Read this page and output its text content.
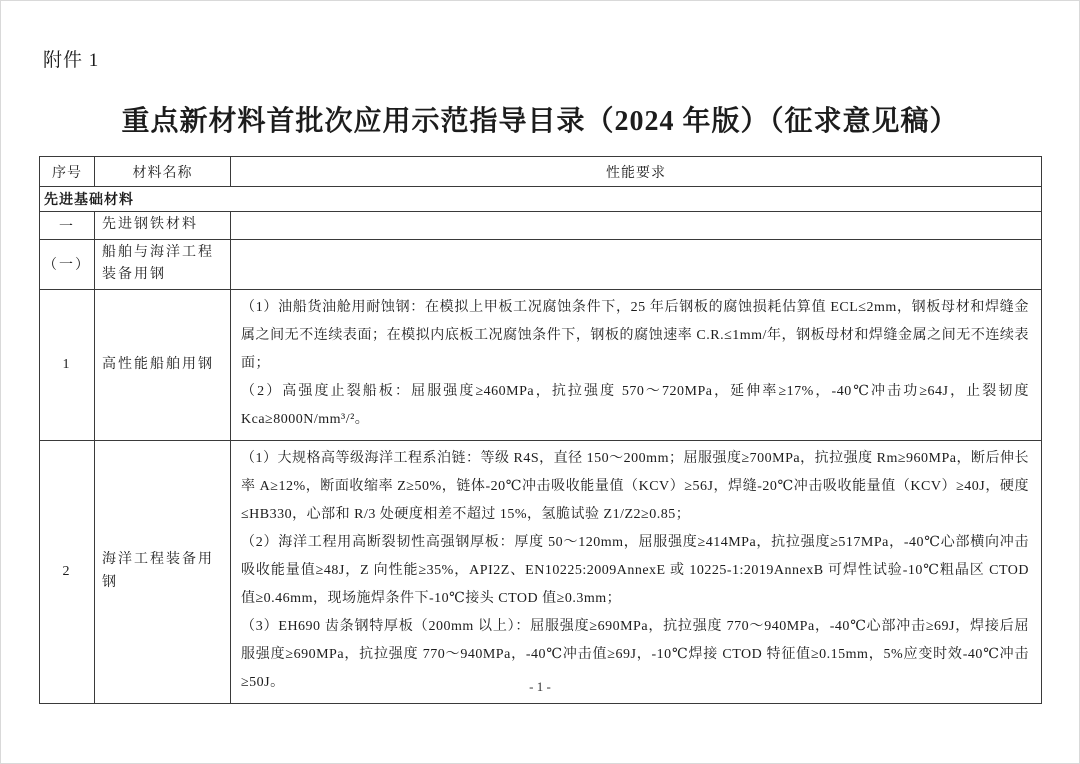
附件 1
重点新材料首批次应用示范指导目录（2024 年版）（征求意见稿）
序号	材料名称	性能要求
先进基础材料		
一	先进钢铁材料	
（一）	船舶与海洋工程装备用钢	
1	高性能船舶用钢	（1）油船货油舱用耐蚀钢：在模拟上甲板工况腐蚀条件下，25 年后钢板的腐蚀损耗估算值 ECL≤2mm，钢板母材和焊缝金属之间无不连续表面；在模拟内底板工况腐蚀条件下，钢板的腐蚀速率 C.R.≤1mm/年，钢板母材和焊缝金属之间无不连续表面；

（2）高强度止裂船板：屈服强度≥460MPa，抗拉强度 570～720MPa，延伸率≥17%，-40℃冲击功≥64J，止裂韧度 Kca≥8000N/mm³/²。

2	海洋工程装备用钢	（1）大规格高等级海洋工程系泊链：等级 R4S，直径 150～200mm；屈服强度≥700MPa，抗拉强度 Rm≥960MPa，断后伸长率 A≥12%，断面收缩率 Z≥50%，链体-20℃冲击吸收能量值（KCV）≥56J，焊缝-20℃冲击吸收能量值（KCV）≥40J，硬度≤HB330，心部和 R/3 处硬度相差不超过 15%，氢脆试验 Z1/Z2≥0.85；

（2）海洋工程用高断裂韧性高强钢厚板：厚度 50～120mm，屈服强度≥414MPa，抗拉强度≥517MPa，-40℃心部横向冲击吸收能量值≥48J，Z 向性能≥35%，API2Z、EN10225:2009AnnexE 或 10225-1:2019AnnexB 可焊性试验-10℃粗晶区 CTOD 值≥0.46mm，现场施焊条件下-10℃接头 CTOD 值≥0.3mm；

（3）EH690 齿条钢特厚板（200mm 以上）：屈服强度≥690MPa，抗拉强度 770～940MPa，-40℃心部冲击≥69J，焊接后屈服强度≥690MPa，抗拉强度 770～940MPa，-40℃冲击值≥69J，-10℃焊接 CTOD 特征值≥0.15mm，5%应变时效-40℃冲击≥50J。	- 1 -
